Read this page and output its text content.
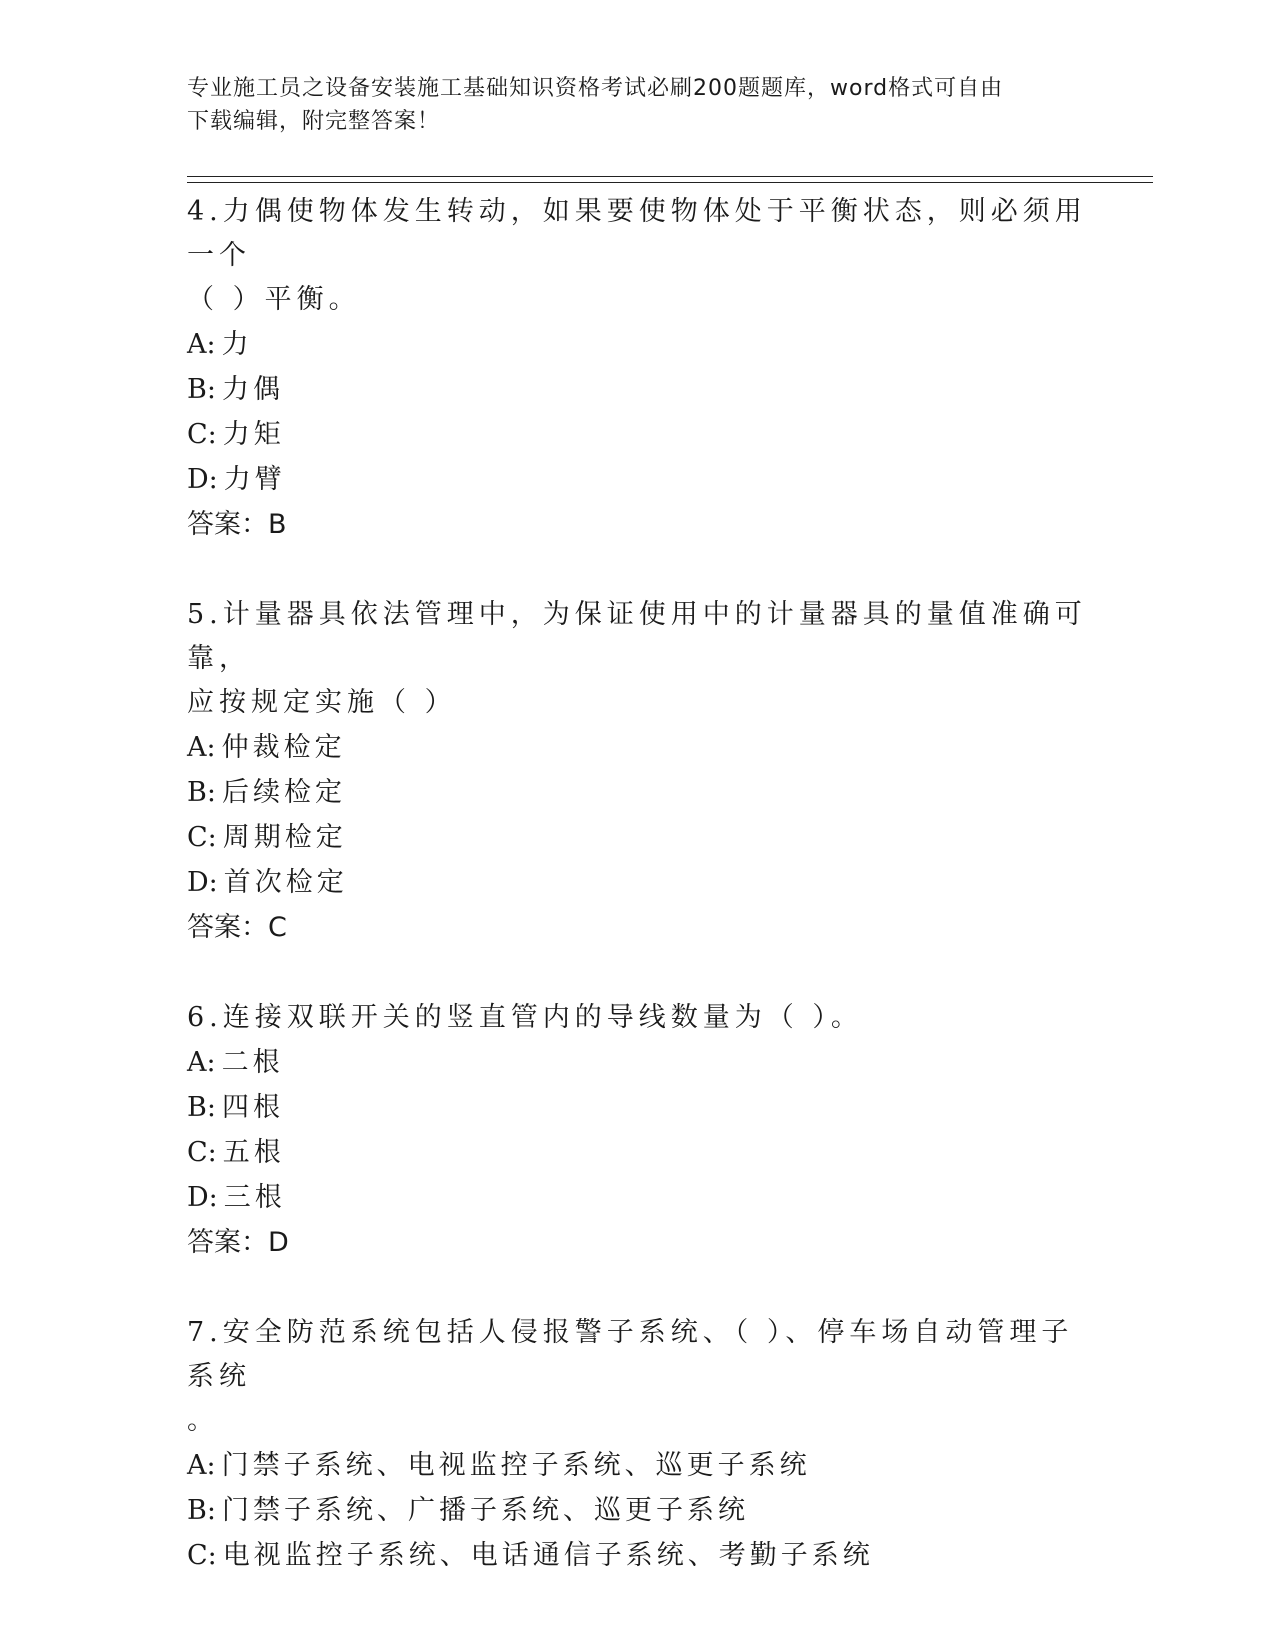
专业施工员之设备安装施工基础知识资格考试必刷200题题库，word格式可自由
下载编辑，附完整答案！
4.力偶使物体发生转动，如果要使物体处于平衡状态，则必须用一个
（ ）平衡。
A: 力
B: 力偶
C: 力矩
D: 力臂
答案：B
5.计量器具依法管理中，为保证使用中的计量器具的量值准确可靠，
应按规定实施（ ）
A: 仲裁检定
B: 后续检定
C: 周期检定
D: 首次检定
答案：C
6.连接双联开关的竖直管内的导线数量为（ ）。
A: 二根
B: 四根
C: 五根
D: 三根
答案：D
7.安全防范系统包括人侵报警子系统、（ ）、停车场自动管理子系统
。
A: 门禁子系统、电视监控子系统、巡更子系统
B: 门禁子系统、广播子系统、巡更子系统
C: 电视监控子系统、电话通信子系统、考勤子系统
